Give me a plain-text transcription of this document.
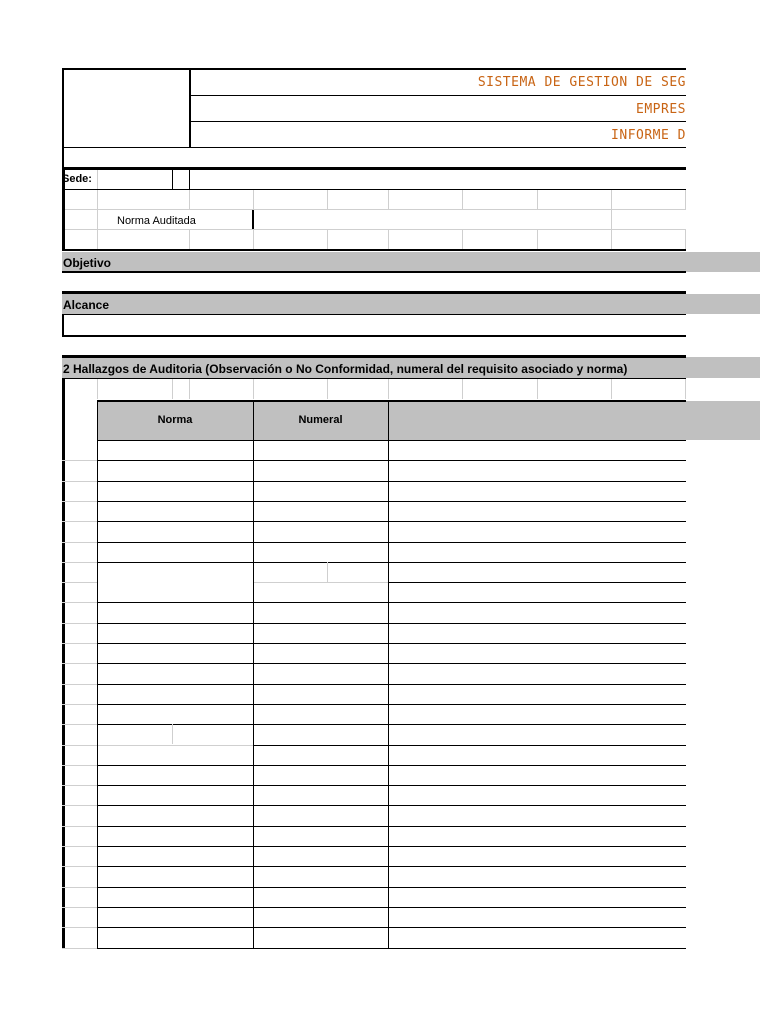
SISTEMA DE GESTION DE SEG
EMPRES
INFORME D
Sede:
Norma Auditada
Objetivo
Alcance
2 Hallazgos de Auditoria (Observación o No Conformidad, numeral del requisito asociado y norma)
Norma	Numeral
